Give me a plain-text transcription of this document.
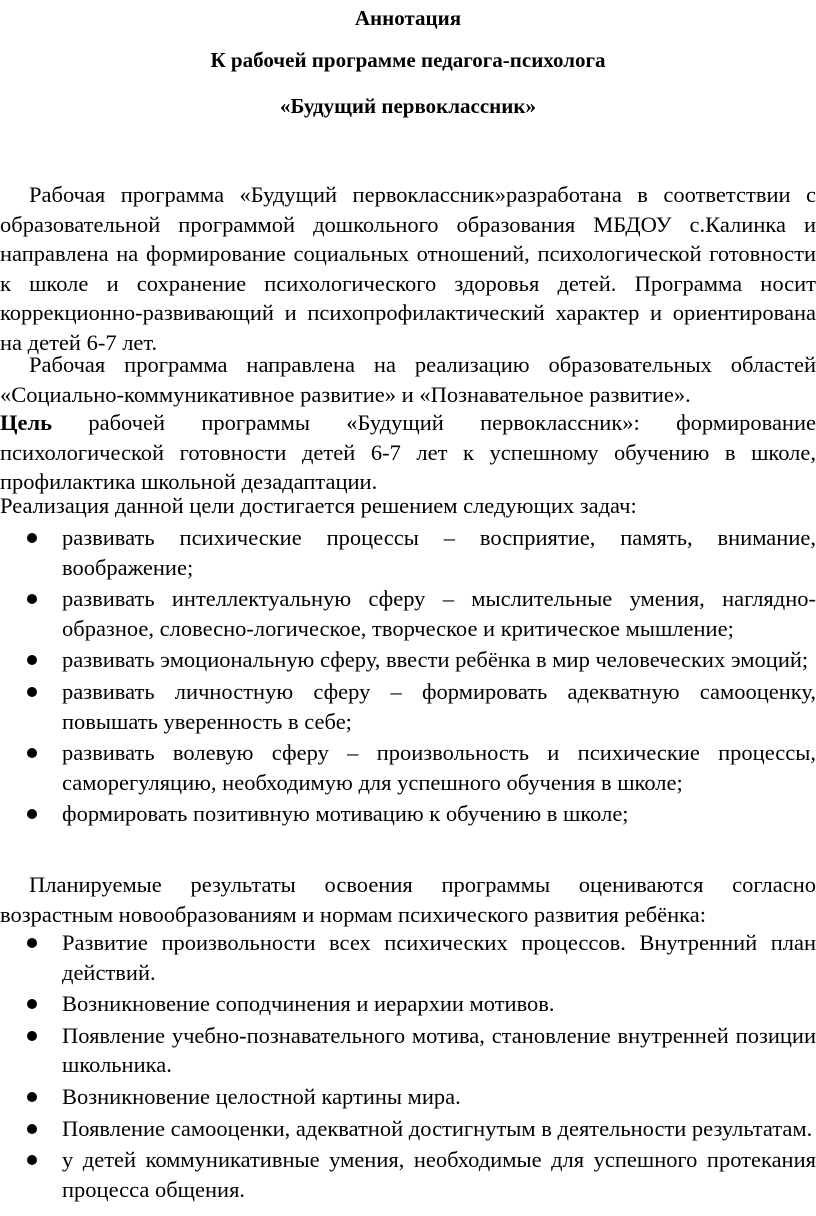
Аннотация
К рабочей программе педагога-психолога
«Будущий первоклассник»

Рабочая программа «Будущий первоклассник»разработана в соответствии с образовательной программой дошкольного образования МБДОУ с.Калинка и направлена на формирование социальных отношений, психологической готовности к школе и сохранение психологического здоровья детей. Программа носит коррекционно-развивающий и психопрофилактический характер и ориентирована на детей 6-7 лет.

Рабочая программа направлена на реализацию образовательных областей «Социально-коммуникативное развитие» и «Познавательное развитие».

Цель рабочей программы «Будущий первоклассник»: формирование психологической готовности детей 6-7 лет к успешному обучению в школе, профилактика школьной дезадаптации.

Реализация данной цели достигается решением следующих задач:

развивать психические процессы – восприятие, память, внимание, воображение;
развивать интеллектуальную сферу – мыслительные умения, наглядно-образное, словесно-логическое, творческое и критическое мышление;
развивать эмоциональную сферу, ввести ребёнка в мир человеческих эмоций;
развивать личностную сферу – формировать адекватную самооценку, повышать уверенность в себе;
развивать волевую сферу – произвольность и психические процессы, саморегуляцию, необходимую для успешного обучения в школе;
формировать позитивную мотивацию к обучению в школе;

Планируемые результаты освоения программы оцениваются согласно возрастным новообразованиям и нормам психического развития ребёнка:

Развитие произвольности всех психических процессов. Внутренний план действий.
Возникновение соподчинения и иерархии мотивов.
Появление учебно-познавательного мотива, становление внутренней позиции школьника.
Возникновение целостной картины мира.
Появление самооценки, адекватной достигнутым в деятельности результатам.
у детей коммуникативные умения, необходимые для успешного протекания процесса общения.
